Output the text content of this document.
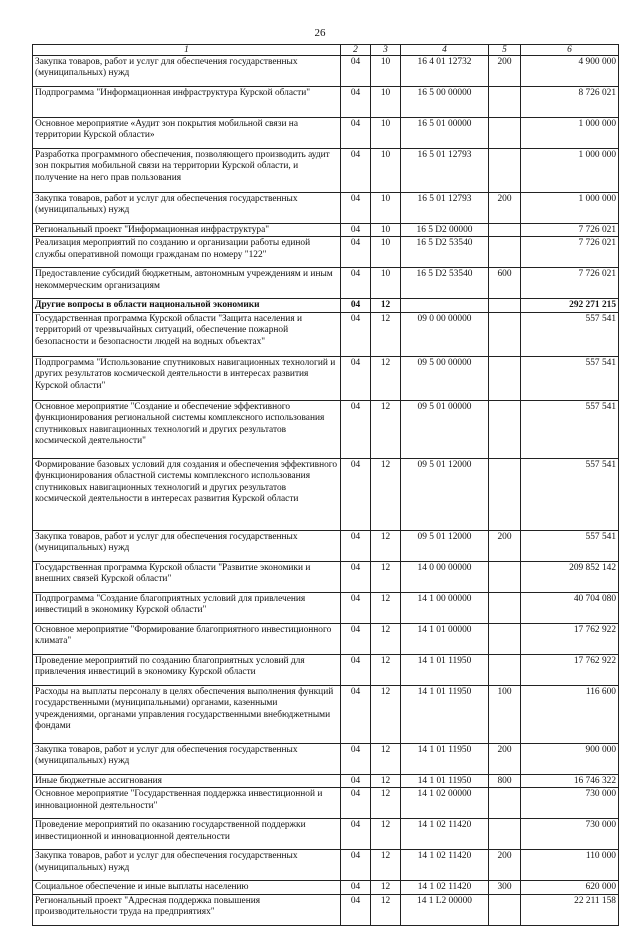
26
1	2	3	4	5	6
Закупка товаров, работ и услуг для обеспечения государственных (муниципальных) нужд	04	10	16 4 01 12732	200	4 900 000
Подпрограмма "Информационная инфраструктура Курской области"	04	10	16 5 00 00000		8 726 021
Основное мероприятие «Аудит зон покрытия мобильной связи на территории Курской области»	04	10	16 5 01 00000		1 000 000
Разработка программного обеспечения, позволяющего производить аудит зон покрытия мобильной связи на территории Курской области, и получение на него прав пользования	04	10	16 5 01 12793		1 000 000
Закупка товаров, работ и услуг для обеспечения государственных (муниципальных) нужд	04	10	16 5 01 12793	200	1 000 000
Региональный проект "Информационная инфраструктура"	04	10	16 5 D2 00000		7 726 021
Реализация мероприятий по созданию и организации работы единой службы оперативной помощи гражданам по номеру "122"	04	10	16 5 D2 53540		7 726 021
Предоставление субсидий бюджетным, автономным учреждениям и иным некоммерческим организациям	04	10	16 5 D2 53540	600	7 726 021
Другие вопросы в области национальной экономики	04	12			292 271 215
Государственная программа Курской области "Защита населения и территорий от чрезвычайных ситуаций, обеспечение пожарной безопасности и безопасности людей на водных объектах"	04	12	09 0 00 00000		557 541
Подпрограмма "Использование спутниковых навигационных технологий и других результатов космической деятельности в интересах развития Курской области"	04	12	09 5 00 00000		557 541
Основное мероприятие "Создание и обеспечение эффективного функционирования региональной системы комплексного использования спутниковых навигационных технологий и других результатов космической деятельности"	04	12	09 5 01 00000		557 541
Формирование базовых условий для создания и обеспечения эффективного функционирования областной системы комплексного использования спутниковых навигационных технологий и других результатов космической деятельности в интересах развития Курской области	04	12	09 5 01 12000		557 541
Закупка товаров, работ и услуг для обеспечения государственных (муниципальных) нужд	04	12	09 5 01 12000	200	557 541
Государственная программа Курской области "Развитие экономики и внешних связей Курской области"	04	12	14 0 00 00000		209 852 142
Подпрограмма "Создание благоприятных условий для привлечения инвестиций в экономику Курской области"	04	12	14 1 00 00000		40 704 080
Основное мероприятие "Формирование благоприятного инвестиционного климата"	04	12	14 1 01 00000		17 762 922
Проведение мероприятий по созданию благоприятных условий для привлечения инвестиций в экономику Курской области	04	12	14 1 01 11950		17 762 922
Расходы на выплаты персоналу в целях обеспечения выполнения функций государственными (муниципальными) органами, казенными учреждениями, органами управления государственными внебюджетными фондами	04	12	14 1 01 11950	100	116 600
Закупка товаров, работ и услуг для обеспечения государственных (муниципальных) нужд	04	12	14 1 01 11950	200	900 000
Иные бюджетные ассигнования	04	12	14 1 01 11950	800	16 746 322
Основное мероприятие "Государственная поддержка инвестиционной и инновационной деятельности"	04	12	14 1 02 00000		730 000
Проведение мероприятий по оказанию государственной поддержки инвестиционной и инновационной деятельности	04	12	14 1 02 11420		730 000
Закупка товаров, работ и услуг для обеспечения государственных (муниципальных) нужд	04	12	14 1 02 11420	200	110 000
Социальное обеспечение и иные выплаты населению	04	12	14 1 02 11420	300	620 000
Региональный проект "Адресная поддержка повышения производительности труда на предприятиях"	04	12	14 1 L2 00000		22 211 158
